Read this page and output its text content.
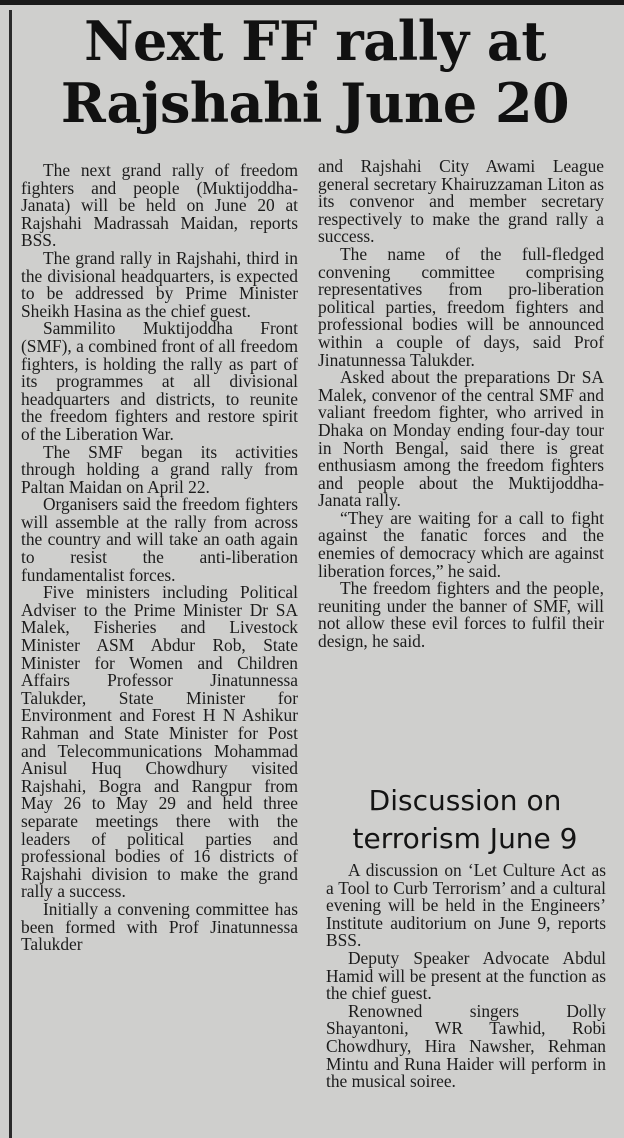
Next FF rally at
Rajshahi June 20

The next grand rally of freedom fighters and people (Muktijoddha-Janata) will be held on June 20 at Rajshahi Madrassah Maidan, reports BSS.

The grand rally in Rajshahi, third in the divisional headquarters, is expected to be addressed by Prime Minister Sheikh Hasina as the chief guest.

Sammilito Muktijoddha Front (SMF), a combined front of all freedom fighters, is holding the rally as part of its programmes at all divisional headquarters and districts, to reunite the freedom fighters and restore spirit of the Liberation War.

The SMF began its activities through holding a grand rally from Paltan Maidan on April 22.

Organisers said the freedom fighters will assemble at the rally from across the country and will take an oath again to resist the anti-liberation fundamentalist forces.

Five ministers including Political Adviser to the Prime Minister Dr SA Malek, Fisheries and Livestock Minister ASM Abdur Rob, State Minister for Women and Children Affairs Professor Jinatunnessa Talukder, State Minister for Environment and Forest H N Ashikur Rahman and State Minister for Post and Telecommunications Mohammad Anisul Huq Chowdhury visited Rajshahi, Bogra and Rangpur from May 26 to May 29 and held three separate meetings there with the leaders of political parties and professional bodies of 16 districts of Rajshahi division to make the grand rally a success.

Initially a convening committee has been formed with Prof Jinatunnessa Talukder

and Rajshahi City Awami League general secretary Khairuzzaman Liton as its convenor and member secretary respectively to make the grand rally a success.

The name of the full-fledged convening committee comprising representatives from pro-liberation political parties, freedom fighters and professional bodies will be announced within a couple of days, said Prof Jinatunnessa Talukder.

Asked about the preparations Dr SA Malek, convenor of the central SMF and valiant freedom fighter, who arrived in Dhaka on Monday ending four-day tour in North Bengal, said there is great enthusiasm among the freedom fighters and people about the Muktijoddha-Janata rally.

“They are waiting for a call to fight against the fanatic forces and the enemies of democracy which are against liberation forces,” he said.

The freedom fighters and the people, reuniting under the banner of SMF, will not allow these evil forces to fulfil their design, he said.

Discussion on
terrorism June 9

A discussion on ‘Let Culture Act as a Tool to Curb Terrorism’ and a cultural evening will be held in the Engineers’ Institute auditorium on June 9, reports BSS.

Deputy Speaker Advocate Abdul Hamid will be present at the function as the chief guest.

Renowned singers Dolly Shayantoni, WR Tawhid, Robi Chowdhury, Hira Nawsher, Rehman Mintu and Runa Haider will perform in the musical soiree.
